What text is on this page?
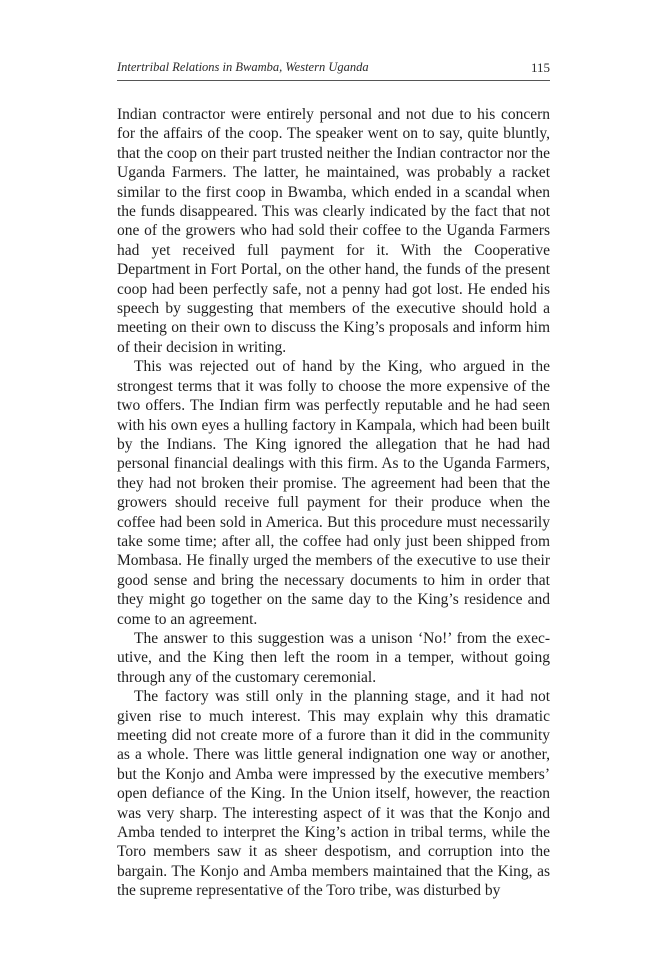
Intertribal Relations in Bwamba, Western Uganda	115

Indian contractor were entirely personal and not due to his concern for the affairs of the coop. The speaker went on to say, quite bluntly, that the coop on their part trusted neither the Indian contractor nor the Uganda Farmers. The latter, he maintained, was probably a racket similar to the first coop in Bwamba, which ended in a scandal when the funds disappeared. This was clearly indicated by the fact that not one of the growers who had sold their coffee to the Uganda Farmers had yet received full payment for it. With the Cooperative Department in Fort Portal, on the other hand, the funds of the present coop had been perfectly safe, not a penny had got lost. He ended his speech by suggesting that members of the executive should hold a meeting on their own to discuss the King’s proposals and inform him of their decision in writing.

This was rejected out of hand by the King, who argued in the strongest terms that it was folly to choose the more expensive of the two offers. The Indian firm was perfectly reputable and he had seen with his own eyes a hulling factory in Kampala, which had been built by the Indians. The King ignored the allegation that he had had personal financial dealings with this firm. As to the Uganda Farmers, they had not broken their promise. The agreement had been that the growers should receive full payment for their produce when the coffee had been sold in America. But this procedure must necessarily take some time; after all, the coffee had only just been shipped from Mombasa. He finally urged the members of the executive to use their good sense and bring the necessary documents to him in order that they might go together on the same day to the King’s residence and come to an agreement.

The answer to this suggestion was a unison ‘No!’ from the executive, and the King then left the room in a temper, without going through any of the customary ceremonial.

The factory was still only in the planning stage, and it had not given rise to much interest. This may explain why this dramatic meeting did not create more of a furore than it did in the community as a whole. There was little general indignation one way or another, but the Konjo and Amba were impressed by the executive members’ open defiance of the King. In the Union itself, however, the reaction was very sharp. The interesting aspect of it was that the Konjo and Amba tended to interpret the King’s action in tribal terms, while the Toro members saw it as sheer despotism, and corruption into the bargain. The Konjo and Amba members maintained that the King, as the supreme representative of the Toro tribe, was disturbed by
